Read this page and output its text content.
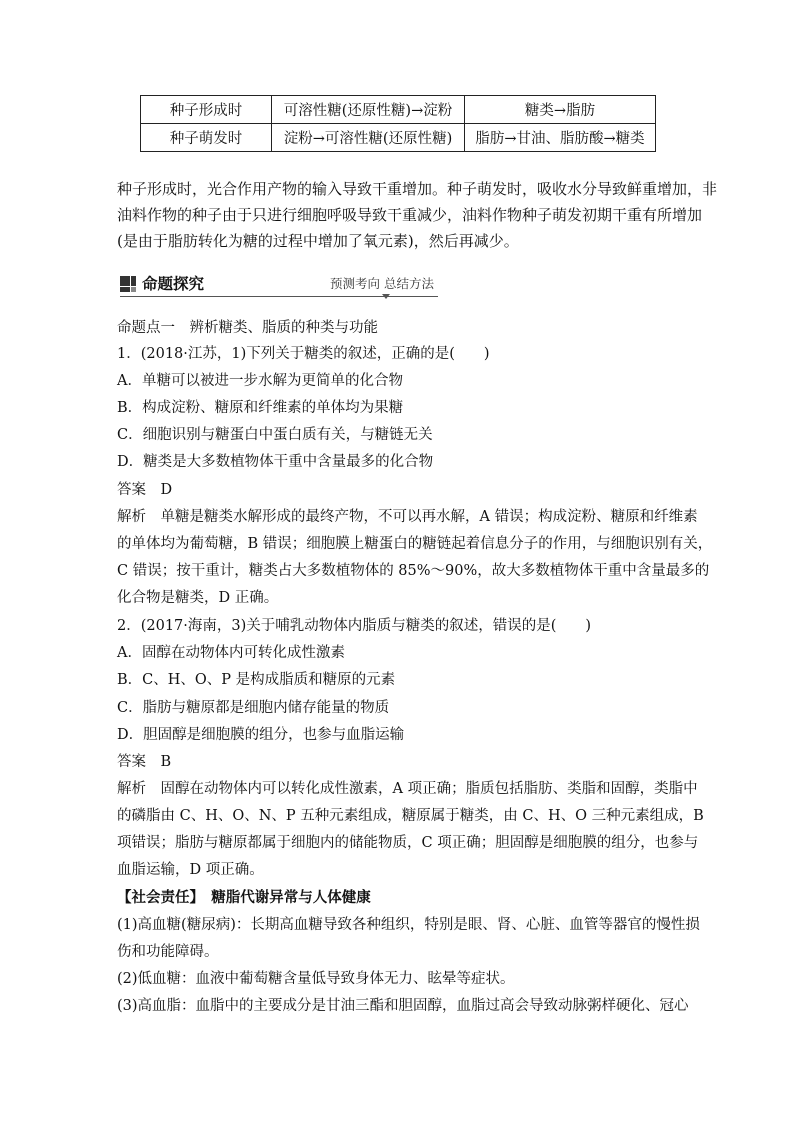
种子形成时	可溶性糖(还原性糖)→淀粉	糖类→脂肪
种子萌发时	淀粉→可溶性糖(还原性糖)	脂肪→甘油、脂肪酸→糖类
种子形成时，光合作用产物的输入导致干重增加。种子萌发时，吸收水分导致鲜重增加，非
油料作物的种子由于只进行细胞呼吸导致干重减少，油料作物种子萌发初期干重有所增加
(是由于脂肪转化为糖的过程中增加了氧元素)，然后再减少。
命题探究	预测考向 总结方法
命题点一　辨析糖类、脂质的种类与功能
1．(2018·江苏，1)下列关于糖类的叙述，正确的是(　　)
A．单糖可以被进一步水解为更简单的化合物
B．构成淀粉、糖原和纤维素的单体均为果糖
C．细胞识别与糖蛋白中蛋白质有关，与糖链无关
D．糖类是大多数植物体干重中含量最多的化合物
答案　 D
解析　 单糖是糖类水解形成的最终产物，不可以再水解，A 错误；构成淀粉、糖原和纤维素
的单体均为葡萄糖，B 错误；细胞膜上糖蛋白的糖链起着信息分子的作用，与细胞识别有关，
C 错误；按干重计，糖类占大多数植物体的 85%～90%，故大多数植物体干重中含量最多的
化合物是糖类，D 正确。
2．(2017·海南，3)关于哺乳动物体内脂质与糖类的叙述，错误的是(　　)
A．固醇在动物体内可转化成性激素
B．C、H、O、P 是构成脂质和糖原的元素
C．脂肪与糖原都是细胞内储存能量的物质
D．胆固醇是细胞膜的组分，也参与血脂运输
答案　 B
解析　 固醇在动物体内可以转化成性激素，A 项正确；脂质包括脂肪、类脂和固醇，类脂中
的磷脂由 C、H、O、N、P 五种元素组成，糖原属于糖类，由 C、H、O 三种元素组成，B
项错误；脂肪与糖原都属于细胞内的储能物质，C 项正确；胆固醇是细胞膜的组分，也参与
血脂运输，D 项正确。
【社会责任】  糖脂代谢异常与人体健康
(1)高血糖(糖尿病)：长期高血糖导致各种组织，特别是眼、肾、心脏、血管等器官的慢性损
伤和功能障碍。
(2)低血糖：血液中葡萄糖含量低导致身体无力、眩晕等症状。
(3)高血脂：血脂中的主要成分是甘油三酯和胆固醇，血脂过高会导致动脉粥样硬化、冠心
